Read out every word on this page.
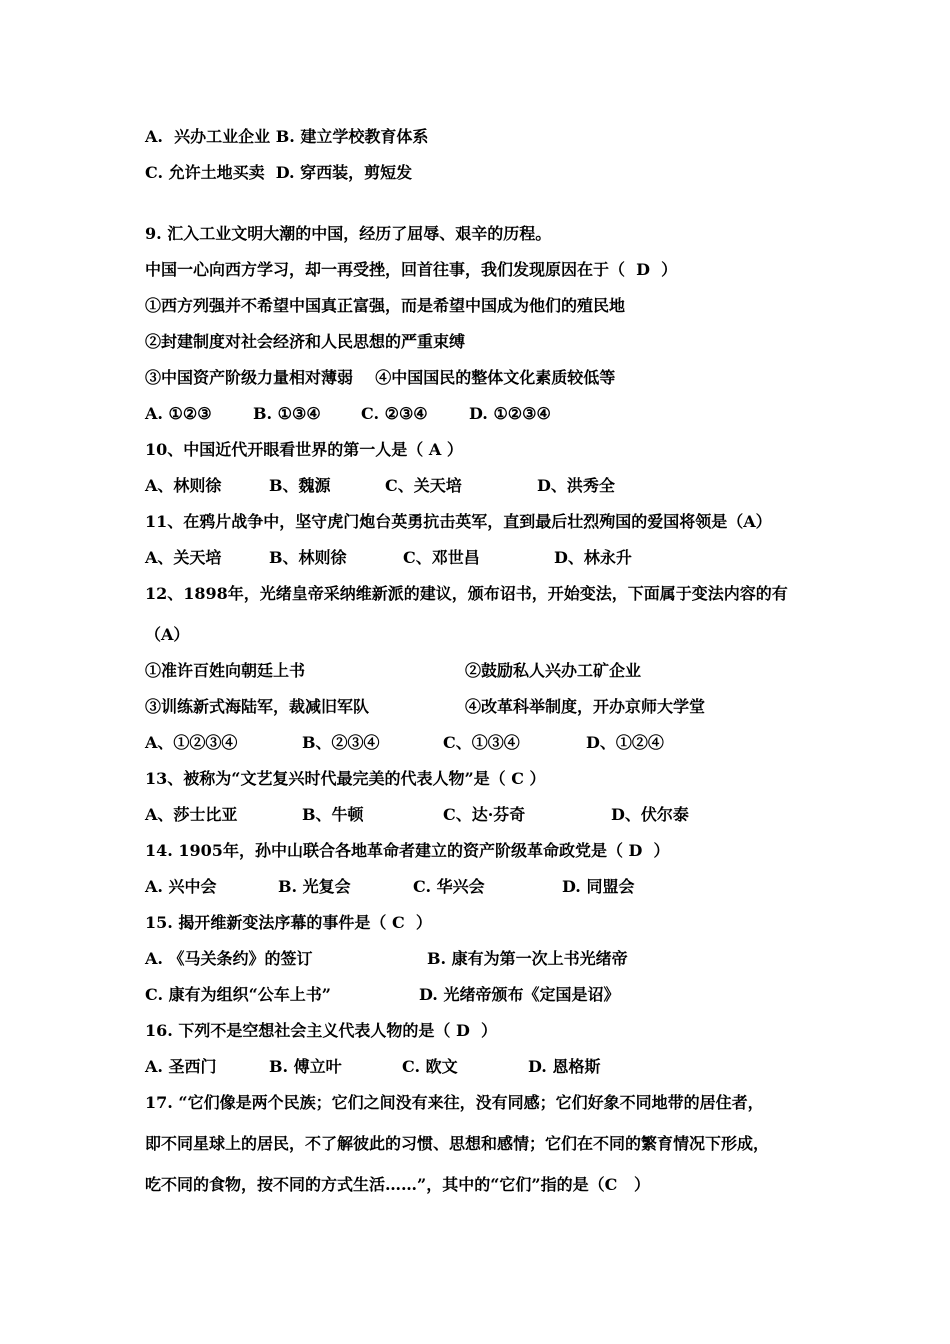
A.  兴办工业企业 B. 建立学校教育体系
C. 允许土地买卖  D. 穿西装，剪短发
9. 汇入工业文明大潮的中国，经历了屈辱、艰辛的历程。
中国一心向西方学习，却一再受挫，回首往事，我们发现原因在于（  D  ）
①西方列强并不希望中国真正富强，而是希望中国成为他们的殖民地
②封建制度对社会经济和人民思想的严重束缚
③中国资产阶级力量相对薄弱    ④中国国民的整体文化素质较低等

A. ①②③

	B. ①③④

	C. ②③④

	D. ①②③④

10、中国近代开眼看世界的第一人是（ A ）

A、林则徐

	B、魏源

	C、关天培

	D、洪秀全

11、在鸦片战争中，坚守虎门炮台英勇抗击英军，直到最后壮烈殉国的爱国将领是（A）

A、关天培

	B、林则徐

	C、邓世昌

	D、林永升

12、1898年，光绪皇帝采纳维新派的建议，颁布诏书，开始变法，下面属于变法内容的有
（A）

①准许百姓向朝廷上书

	②鼓励私人兴办工矿企业

③训练新式海陆军，裁减旧军队

	④改革科举制度，开办京师大学堂

A、①②③④

	B、②③④

	C、①③④

	D、①②④

13、被称为“文艺复兴时代最完美的代表人物”是（ C ）

A、莎士比亚

	B、牛顿

	C、达·芬奇

	D、伏尔泰

14. 1905年，孙中山联合各地革命者建立的资产阶级革命政党是（ D  ）

A. 兴中会

	B. 光复会

	C. 华兴会

	D. 同盟会

15. 揭开维新变法序幕的事件是（ C  ）

A. 《马关条约》的签订

	B. 康有为第一次上书光绪帝

C. 康有为组织“公车上书”

	D. 光绪帝颁布《定国是诏》

16. 下列不是空想社会主义代表人物的是（ D  ）

A. 圣西门

	B. 傅立叶

	C. 欧文

	D. 恩格斯

17. “它们像是两个民族；它们之间没有来往，没有同感；它们好象不同地带的居住者，
即不同星球上的居民，不了解彼此的习惯、思想和感情；它们在不同的繁育情况下形成，
吃不同的食物，按不同的方式生活……”，其中的“它们”指的是（C   ）
